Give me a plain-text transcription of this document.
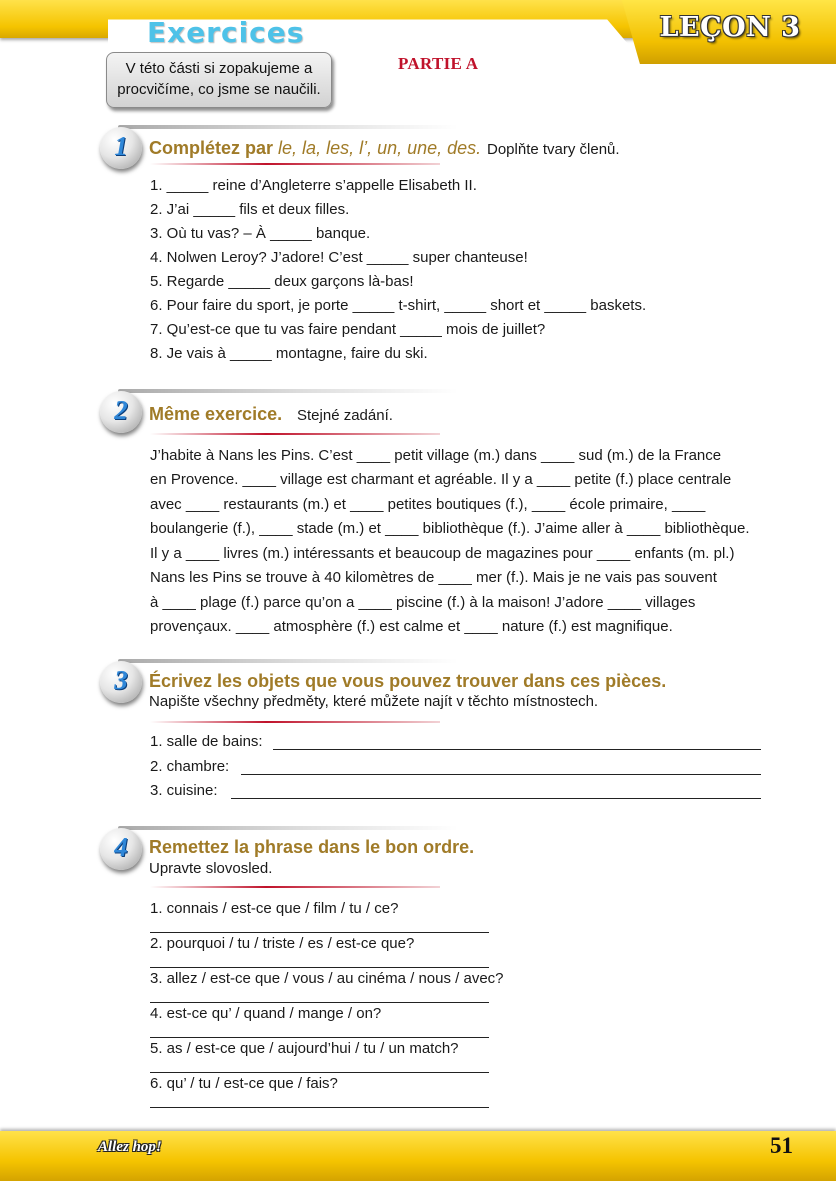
LEÇON 3
Exercices
V této části si zopakujeme a
procvičíme, co jsme se naučili.
PARTIE A
1	Complétez par le, la, les, l’, un, une, des. Doplňte tvary členů.
1. _____ reine d’Angleterre s’appelle Elisabeth II.
2. J’ai _____ fils et deux filles.
3. Où tu vas? – À _____ banque.
4. Nolwen Leroy? J’adore! C’est _____ super chanteuse!
5. Regarde _____ deux garçons là-bas!
6. Pour faire du sport, je porte _____ t-shirt, _____ short et _____ baskets.
7. Qu’est-ce que tu vas faire pendant _____ mois de juillet?
8. Je vais à _____ montagne, faire du ski.
2	Même exercice. Stejné zadání.
J’habite à Nans les Pins. C’est ____ petit village (m.) dans ____ sud (m.) de la France
en Provence. ____ village est charmant et agréable. Il y a ____ petite (f.) place centrale
avec ____ restaurants (m.) et ____ petites boutiques (f.), ____ école primaire, ____
boulangerie (f.), ____ stade (m.) et ____ bibliothèque (f.). J’aime aller à ____ bibliothèque.
Il y a ____ livres (m.) intéressants et beaucoup de magazines pour ____ enfants (m. pl.)
Nans les Pins se trouve à 40 kilomètres de ____ mer (f.). Mais je ne vais pas souvent
à ____ plage (f.) parce qu’on a ____ piscine (f.) à la maison! J’adore ____ villages
provençaux. ____ atmosphère (f.) est calme et ____ nature (f.) est magnifique.
3	Écrivez les objets que vous pouvez trouver dans ces pièces.
Napište všechny předměty, které můžete najít v těchto místnostech.
1. salle de bains:
2. chambre:
3. cuisine:
4	Remettez la phrase dans le bon ordre.
Upravte slovosled.
1. connais / est-ce que / film / tu / ce?
2. pourquoi / tu / triste / es / est-ce que?
3. allez / est-ce que / vous / au cinéma / nous / avec?
4. est-ce qu’ / quand / mange / on?
5. as / est-ce que / aujourd’hui / tu / un match?
6. qu’ / tu / est-ce que / fais?
Allez hop!	51
